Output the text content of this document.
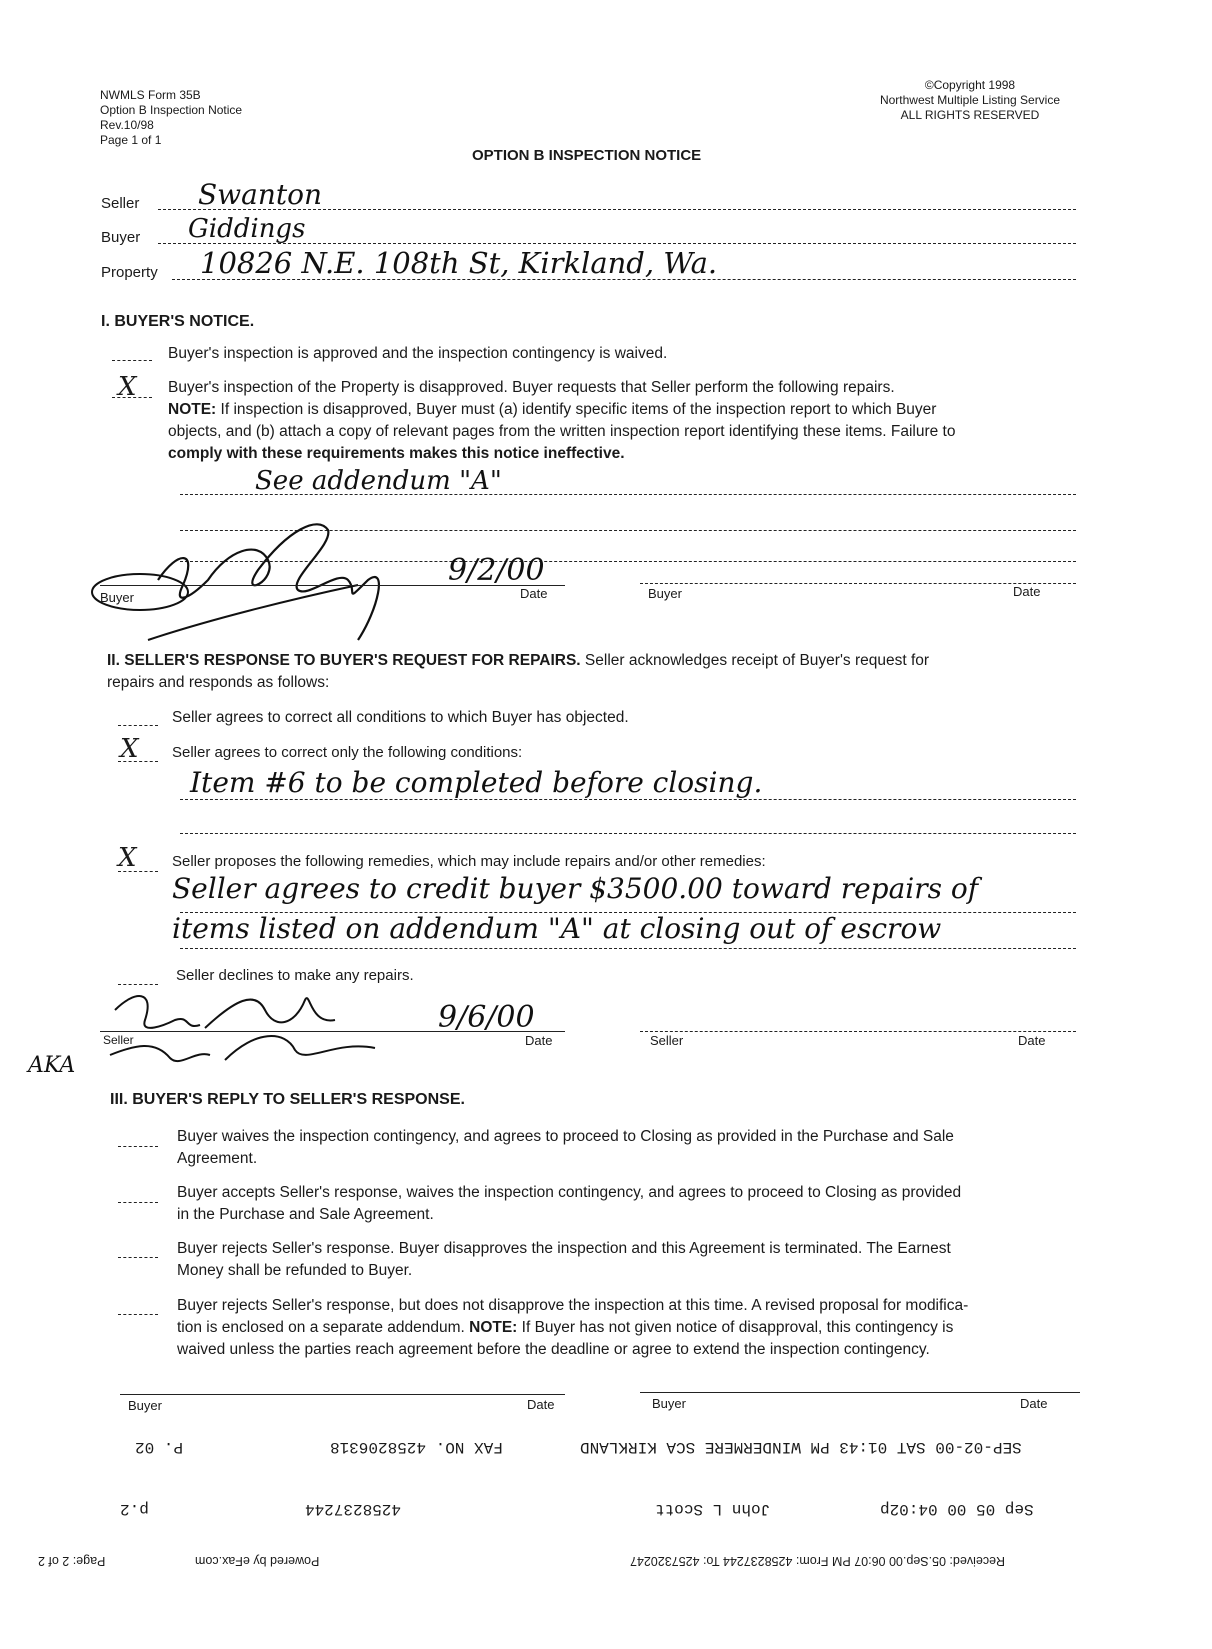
NWMLS Form 35B
Option B Inspection Notice
Rev.10/98
Page 1 of 1
©Copyright 1998
Northwest Multiple Listing Service
ALL RIGHTS RESERVED
OPTION B INSPECTION NOTICE
Seller Swanton
Buyer Giddings
Property 10826 N.E. 108th St, Kirkland, Wa.
I. BUYER'S NOTICE.
Buyer's inspection is approved and the inspection contingency is waived.
X Buyer's inspection of the Property is disapproved. Buyer requests that Seller perform the following repairs.
NOTE: If inspection is disapproved, Buyer must (a) identify specific items of the inspection report to which Buyer
objects, and (b) attach a copy of relevant pages from the written inspection report identifying these items. Failure to
comply with these requirements makes this notice ineffective.
See addendum "A"
Buyer
9/2/00
Date	Buyer	Date
II. SELLER'S RESPONSE TO BUYER'S REQUEST FOR REPAIRS. Seller acknowledges receipt of Buyer's request for
repairs and responds as follows:
Seller agrees to correct all conditions to which Buyer has objected.
X Seller agrees to correct only the following conditions:
Item #6 to be completed before closing.
X Seller proposes the following remedies, which may include repairs and/or other remedies:
Seller agrees to credit buyer $3500.00 toward repairs of
items listed on addendum "A" at closing out of escrow
Seller declines to make any repairs.
9/6/00
Seller	Date	Seller	Date
AKA
III. BUYER'S REPLY TO SELLER'S RESPONSE.
Buyer waives the inspection contingency, and agrees to proceed to Closing as provided in the Purchase and Sale
Agreement.
Buyer accepts Seller's response, waives the inspection contingency, and agrees to proceed to Closing as provided
in the Purchase and Sale Agreement.
Buyer rejects Seller's response. Buyer disapproves the inspection and this Agreement is terminated. The Earnest
Money shall be refunded to Buyer.
Buyer rejects Seller's response, but does not disapprove the inspection at this time. A revised proposal for modifica-
tion is enclosed on a separate addendum. NOTE: If Buyer has not given notice of disapproval, this contingency is
waived unless the parties reach agreement before the deadline or agree to extend the inspection contingency.
Buyer	Date	Buyer	Date
SEP-02-00 SAT 01:43 PM WINDERMERE SCA KIRKLAND
FAX NO. 4258206318
P. 02
Sep 05 00 04:02p
John L Scott
4258237244
p.2
Received: 05.Sep.00 06:07 PM From: 4258237244 To: 4257320247
Powered by eFax.com
Page: 2 of 2
